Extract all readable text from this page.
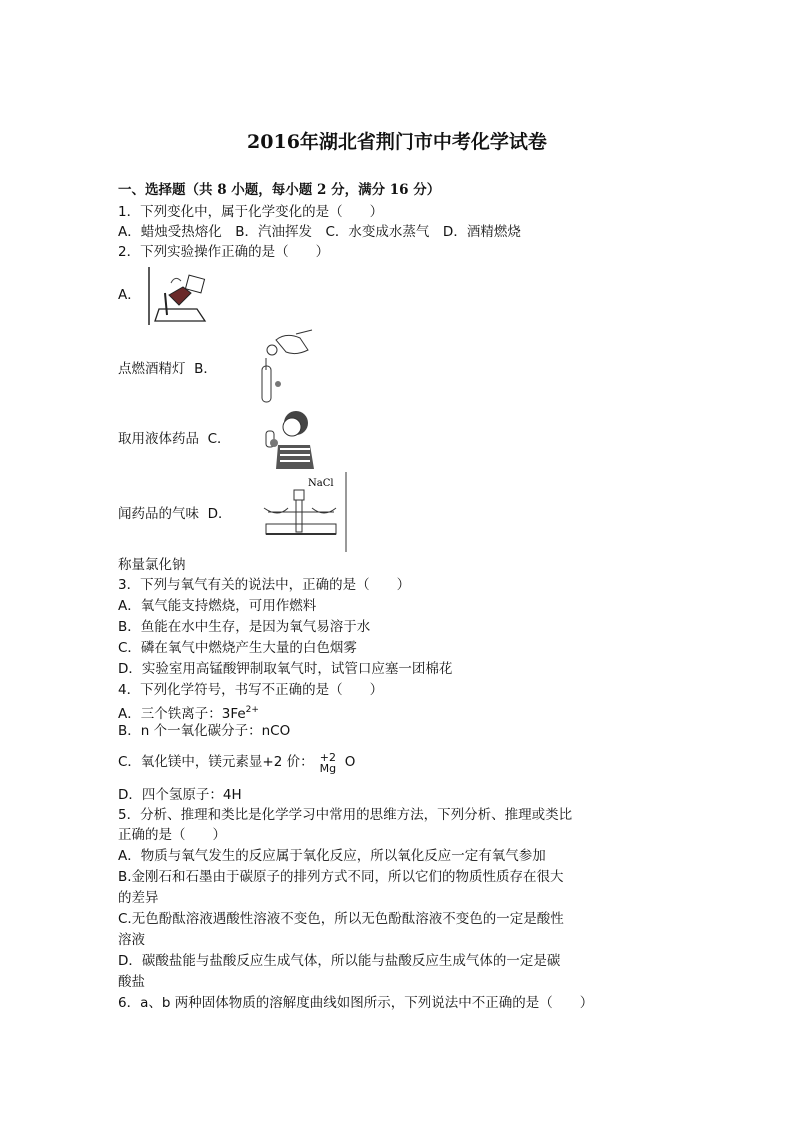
2016年湖北省荆门市中考化学试卷
一、选择题（共 8 小题，每小题 2 分，满分 16 分）
1．下列变化中，属于化学变化的是（　　）
A．蜡烛受热熔化　B．汽油挥发　C．水变成水蒸气　D．酒精燃烧
2．下列实验操作正确的是（　　）
A．
点燃酒精灯 B．
取用液体药品 C．
闻药品的气味 D．
NaCl
称量氯化钠
3．下列与氧气有关的说法中，正确的是（　　）
A．氧气能支持燃烧，可用作燃料
B．鱼能在水中生存，是因为氧气易溶于水
C．磷在氧气中燃烧产生大量的白色烟雾
D．实验室用高锰酸钾制取氧气时，试管口应塞一团棉花
4．下列化学符号，书写不正确的是（　　）
A．三个铁离子：$3Fe^{2+}$
B．n 个一氧化碳分子：nCO
C．氧化镁中，镁元素显+2 价： +2
Mg O
D．四个氢原子：4H
5．分析、推理和类比是化学学习中常用的思维方法，下列分析、推理或类比
正确的是（　　）
A．物质与氧气发生的反应属于氧化反应，所以氧化反应一定有氧气参加
B.金刚石和石墨由于碳原子的排列方式不同，所以它们的物质性质存在很大
的差异
C.无色酚酞溶液遇酸性溶液不变色，所以无色酚酞溶液不变色的一定是酸性
溶液
D．碳酸盐能与盐酸反应生成气体，所以能与盐酸反应生成气体的一定是碳
酸盐
6．a、b 两种固体物质的溶解度曲线如图所示，下列说法中不正确的是（　　）
